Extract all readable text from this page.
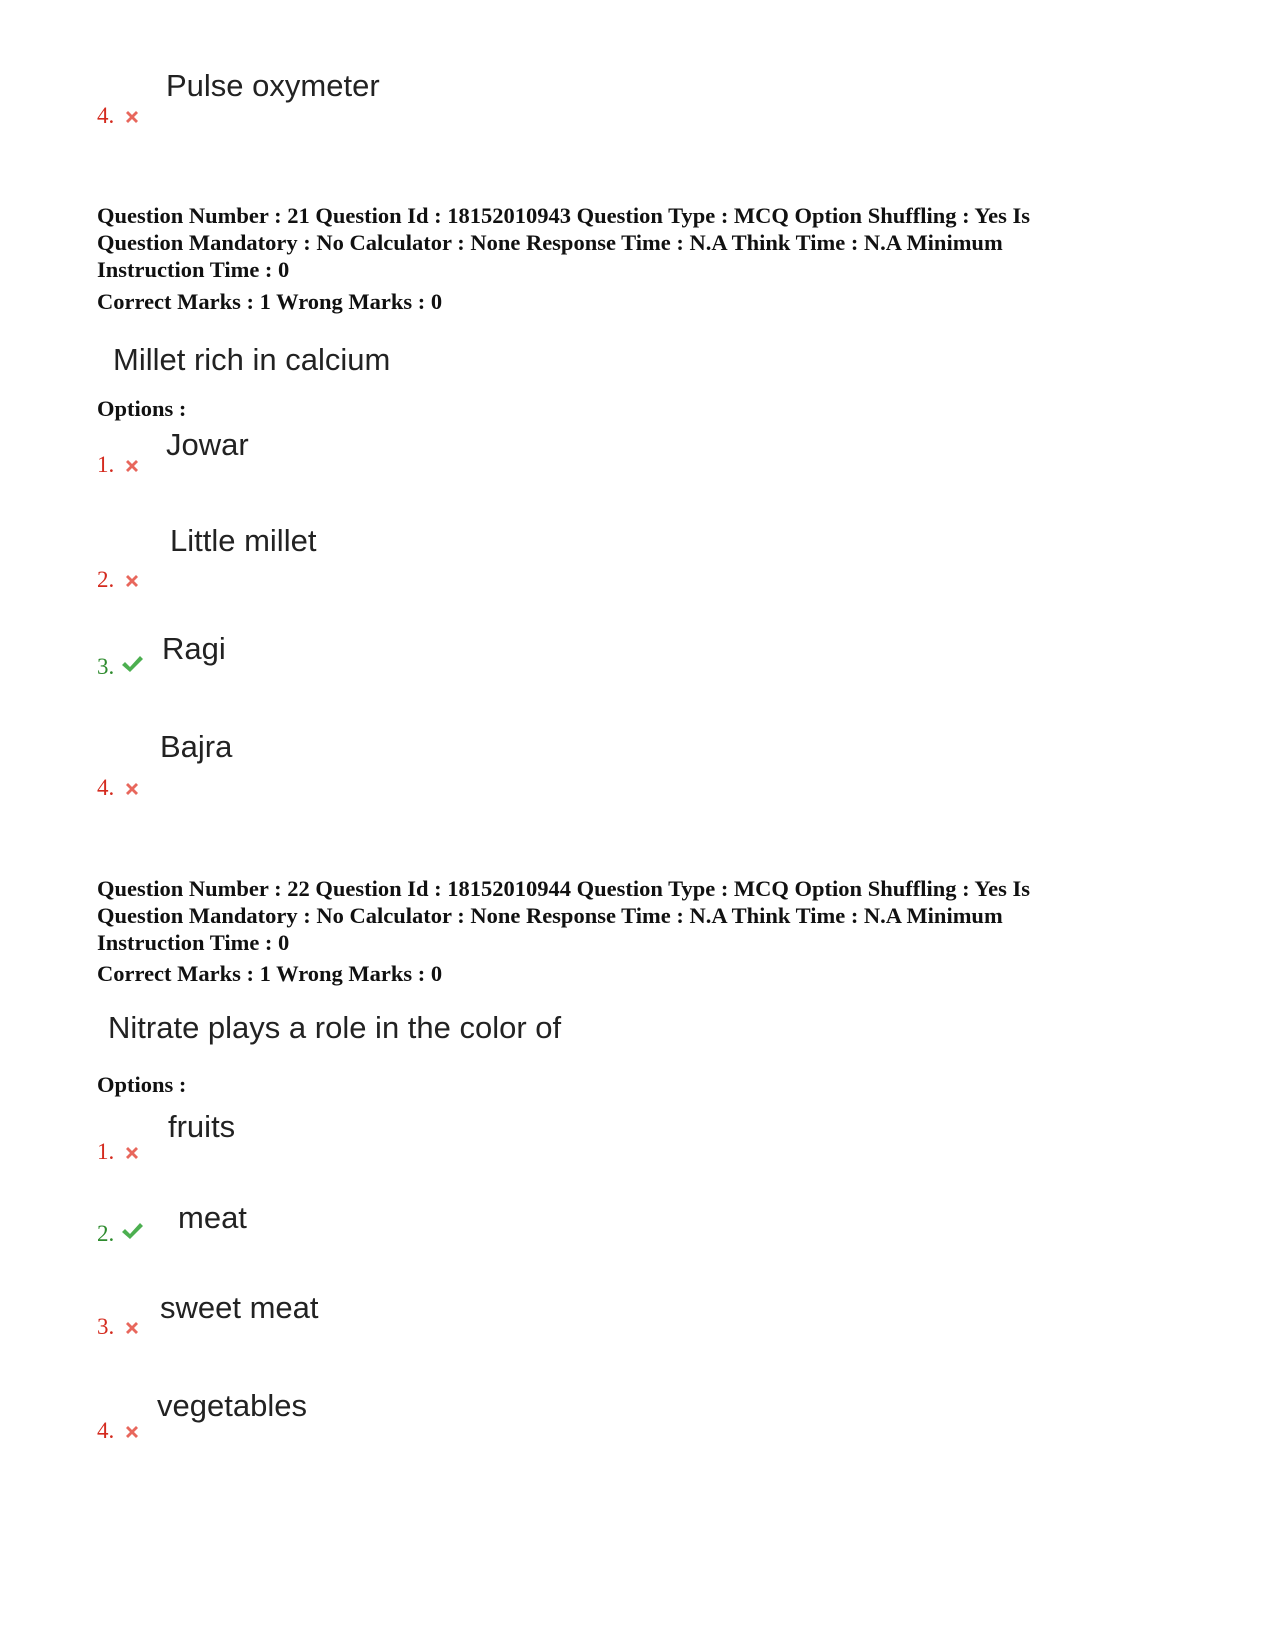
Pulse oxymeter
4.
Question Number : 21 Question Id : 18152010943 Question Type : MCQ Option Shuffling : Yes Is
Question Mandatory : No Calculator : None Response Time : N.A Think Time : N.A Minimum
Instruction Time : 0
Correct Marks : 1 Wrong Marks : 0
Millet rich in calcium
Options :
Jowar
1.
Little millet
2.
Ragi
3.
Bajra
4.
Question Number : 22 Question Id : 18152010944 Question Type : MCQ Option Shuffling : Yes Is
Question Mandatory : No Calculator : None Response Time : N.A Think Time : N.A Minimum
Instruction Time : 0
Correct Marks : 1 Wrong Marks : 0
Nitrate plays a role in the color of
Options :
fruits
1.
meat
2.
sweet meat
3.
vegetables
4.
